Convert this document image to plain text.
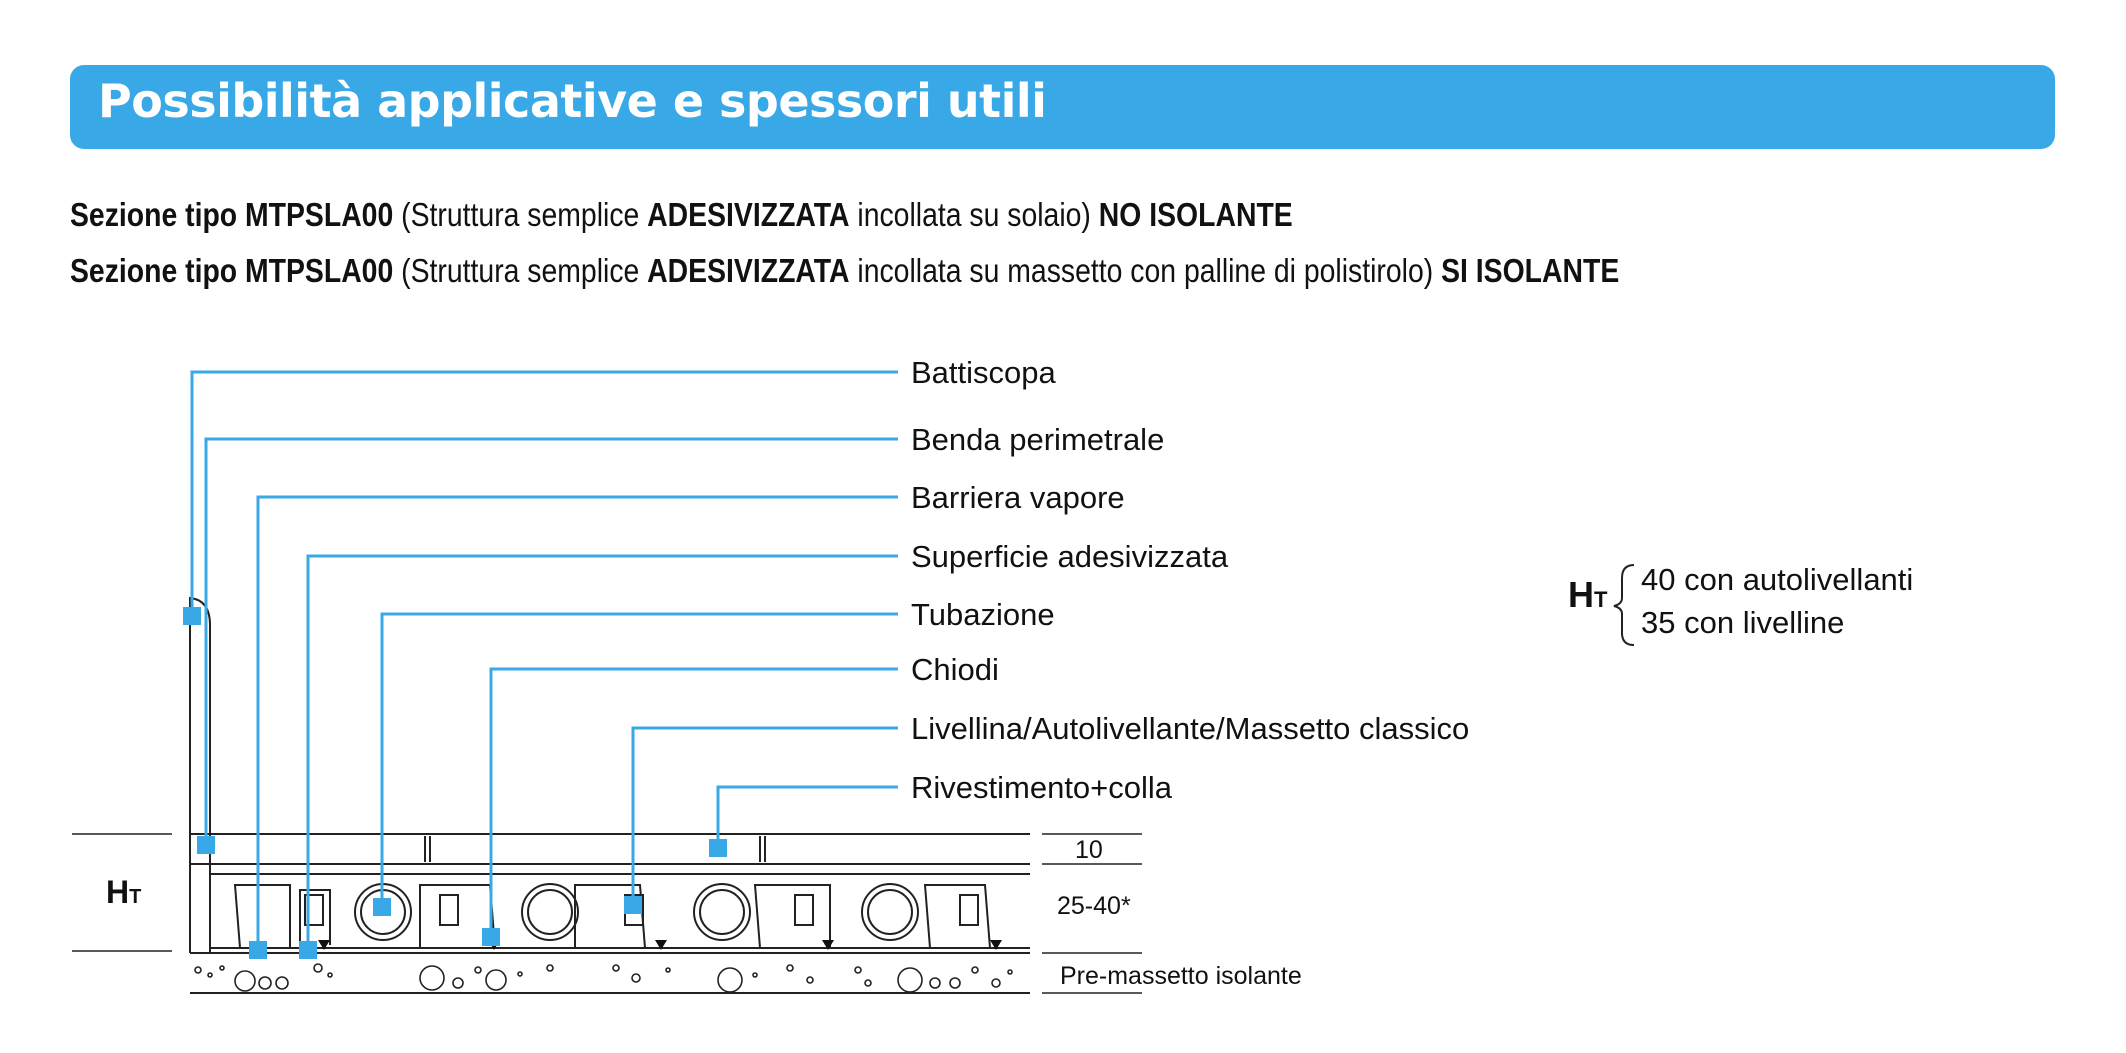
Possibilità applicative e spessori utili
Sezione tipo MTPSLA00 (Struttura semplice ADESIVIZZATA incollata su solaio) NO ISOLANTE
Sezione tipo MTPSLA00 (Struttura semplice ADESIVIZZATA incollata su massetto con palline di polistirolo) SI ISOLANTE
Battiscopa
Benda perimetrale
Barriera vapore
Superficie adesivizzata
Tubazione
Chiodi
Livellina/Autolivellante/Massetto classico
Rivestimento+colla
10
25-40*
Pre-massetto isolante
HT
HT
40 con autolivellanti
35 con livelline
